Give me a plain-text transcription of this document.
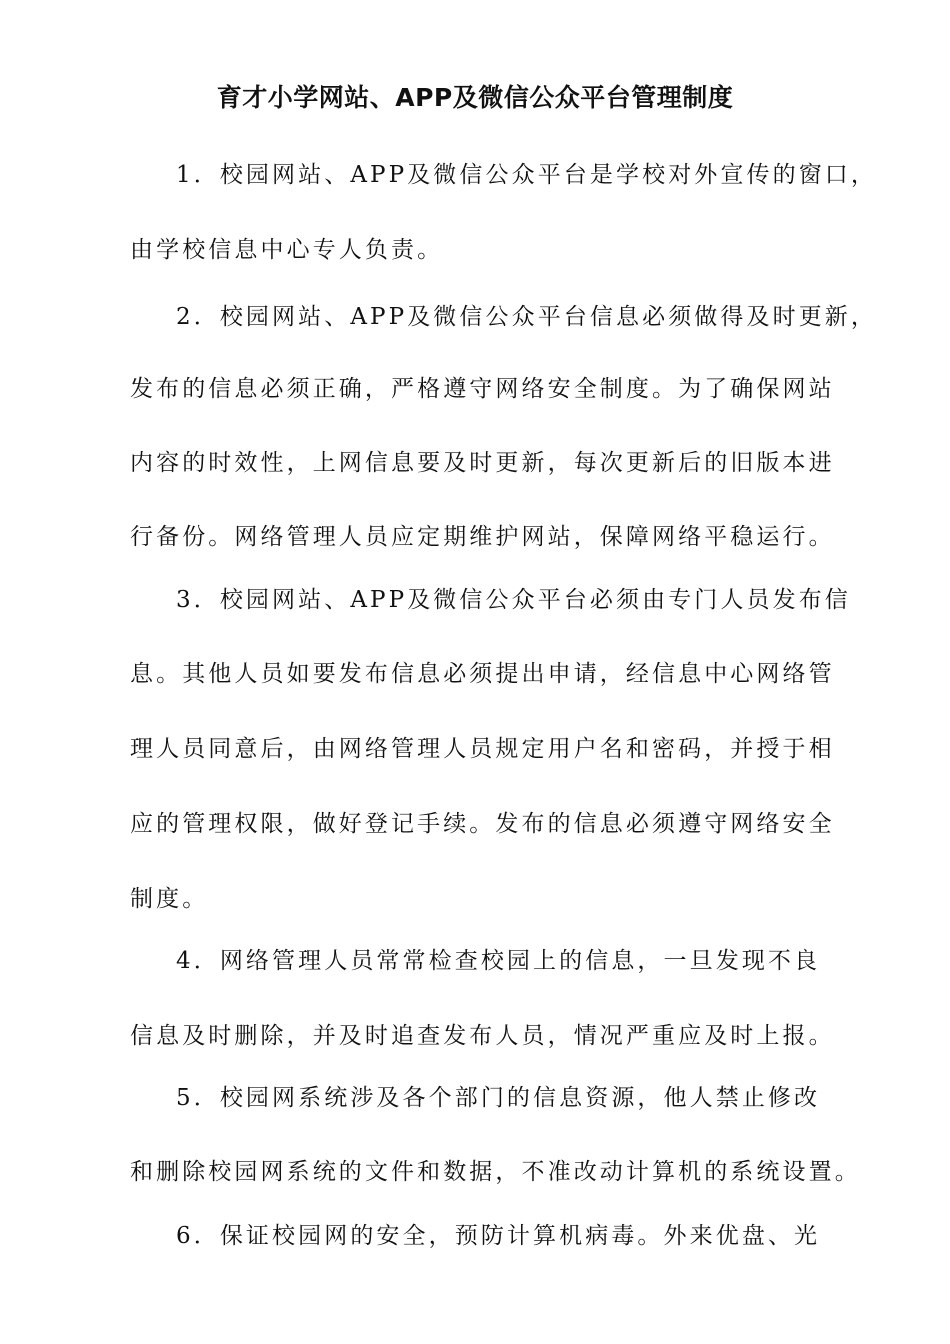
育才小学网站、APP及微信公众平台管理制度
1．校园网站、APP及微信公众平台是学校对外宣传的窗口，
由学校信息中心专人负责。
2．校园网站、APP及微信公众平台信息必须做得及时更新，
发布的信息必须正确，严格遵守网络安全制度。为了确保网站
内容的时效性，上网信息要及时更新，每次更新后的旧版本进
行备份。网络管理人员应定期维护网站，保障网络平稳运行。
3．校园网站、APP及微信公众平台必须由专门人员发布信
息。其他人员如要发布信息必须提出申请，经信息中心网络管
理人员同意后，由网络管理人员规定用户名和密码，并授于相
应的管理权限，做好登记手续。发布的信息必须遵守网络安全
制度。
4．网络管理人员常常检查校园上的信息，一旦发现不良
信息及时删除，并及时追查发布人员，情况严重应及时上报。
5．校园网系统涉及各个部门的信息资源，他人禁止修改
和删除校园网系统的文件和数据，不准改动计算机的系统设置。
6．保证校园网的安全，预防计算机病毒。外来优盘、光
